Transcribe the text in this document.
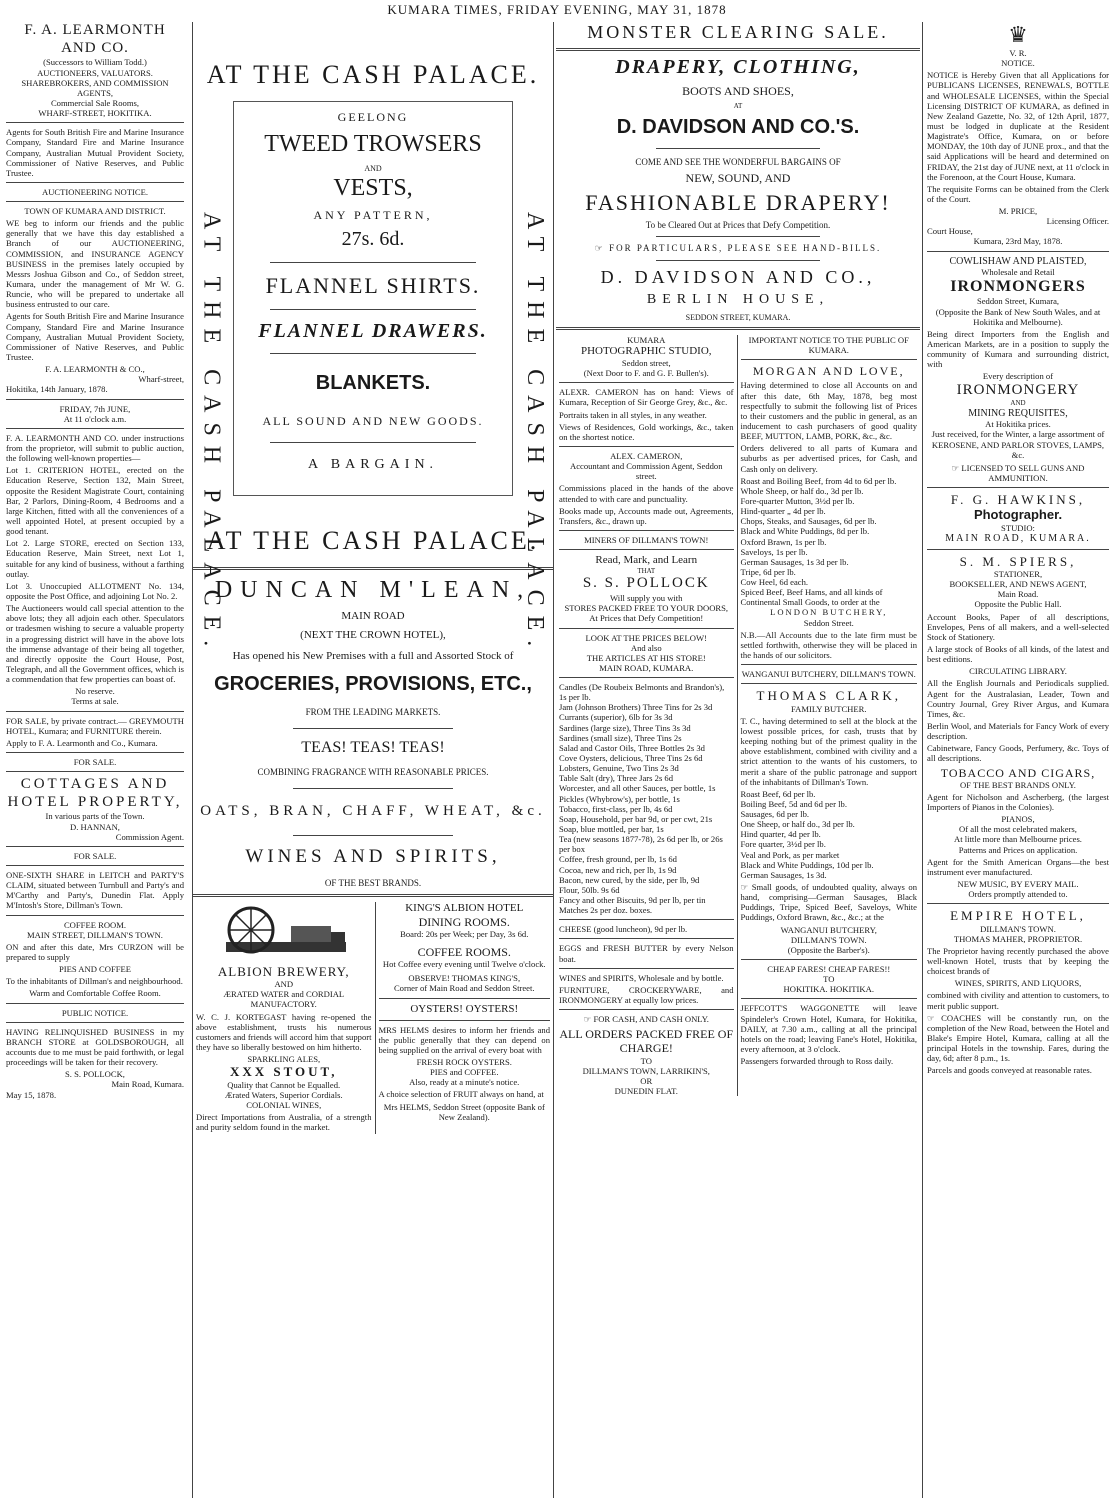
KUMARA TIMES, FRIDAY EVENING, MAY 31, 1878
F. A. LEARMONTH AND CO.
(Successors to William Todd.)
AUCTIONEERS, VALUATORS. SHAREBROKERS, AND COMMISSION AGENTS,
Commercial Sale Rooms,
WHARF-STREET, HOKITIKA.

Agents for South British Fire and Marine Insurance Company, Standard Fire and Marine Insurance Company, Australian Mutual Provident Society, Commissioner of Native Reserves, and Public Trustee.

AUCTIONEERING NOTICE.
TOWN OF KUMARA AND DISTRICT.

WE beg to inform our friends and the public generally that we have this day established a Branch of our AUCTIONEERING, COMMISSION, and INSURANCE AGENCY BUSINESS in the premises lately occupied by Messrs Joshua Gibson and Co., of Seddon street, Kumara, under the management of Mr W. G. Runcie, who will be prepared to undertake all business entrusted to our care.

Agents for South British Fire and Marine Insurance Company, Standard Fire and Marine Insurance Company, Australian Mutual Provident Society, Commissioner of Native Reserves, and Public Trustee.

F. A. LEARMONTH & CO.,
Wharf-street,
Hokitika, 14th January, 1878.
FRIDAY, 7th JUNE,
At 11 o'clock a.m.

F. A. LEARMONTH AND CO. under instructions from the proprietor, will submit to public auction, the following well-known properties—

Lot 1. CRITERION HOTEL, erected on the Education Reserve, Section 132, Main Street, opposite the Resident Magistrate Court, containing Bar, 2 Parlors, Dining-Room, 4 Bedrooms and a large Kitchen, fitted with all the conveniences of a well appointed Hotel, at present occupied by a good tenant.

Lot 2. Large STORE, erected on Section 133, Education Reserve, Main Street, next Lot 1, suitable for any kind of business, without a farthing outlay.

Lot 3. Unoccupied ALLOTMENT No. 134, opposite the Post Office, and adjoining Lot No. 2.

The Auctioneers would call special attention to the above lots; they all adjoin each other. Speculators or tradesmen wishing to secure a valuable property in a progressing district will have in the above lots the immense advantage of their being all together, and directly opposite the Court House, Post, Telegraph, and all the Government offices, which is a commendation that few properties can boast of.

No reserve.
Terms at sale.

FOR SALE, by private contract.— GREYMOUTH HOTEL, Kumara; and FURNITURE therein.

Apply to F. A. Learmonth and Co., Kumara.

FOR SALE.
COTTAGES AND HOTEL PROPERTY,
In various parts of the Town.
D. HANNAN,
Commission Agent.
FOR SALE.

ONE-SIXTH SHARE in LEITCH and PARTY'S CLAIM, situated between Turnbull and Party's and M'Carthy and Party's, Dunedin Flat. Apply M'Intosh's Store, Dillman's Town.

COFFEE ROOM.
MAIN STREET, DILLMAN'S TOWN.

ON and after this date, Mrs CURZON will be prepared to supply

PIES AND COFFEE

To the inhabitants of Dillman's and neighbourhood.

Warm and Comfortable Coffee Room.
PUBLIC NOTICE.

HAVING RELINQUISHED BUSINESS in my BRANCH STORE at GOLDSBOROUGH, all accounts due to me must be paid forthwith, or legal proceedings will be taken for their recovery.

S. S. POLLOCK,
Main Road, Kumara.
May 15, 1878.
AT THE CASH PALACE.
AT THE CASH PALACE.	AT THE CASH PALACE.
GEELONG
TWEED TROWSERS
AND
VESTS,
ANY PATTERN,
27s. 6d.
FLANNEL SHIRTS.
FLANNEL DRAWERS.
BLANKETS.
ALL SOUND AND NEW GOODS.
A BARGAIN.
AT THE CASH PALACE.
DUNCAN M'LEAN,
MAIN ROAD
(NEXT THE CROWN HOTEL),
Has opened his New Premises with a full and Assorted Stock of
GROCERIES, PROVISIONS, ETC.,
FROM THE LEADING MARKETS.
TEAS! TEAS! TEAS!
COMBINING FRAGRANCE WITH REASONABLE PRICES.
OATS, BRAN, CHAFF, WHEAT, &c.
WINES AND SPIRITS,
OF THE BEST BRANDS.
ALBION BREWERY,
AND
ÆRATED WATER and CORDIAL MANUFACTORY.

W. C. J. KORTEGAST having re-opened the above establishment, trusts his numerous customers and friends will accord him that support they have so liberally bestowed on him hitherto.

SPARKLING ALES,
XXX STOUT,
Quality that Cannot be Equalled.
Ærated Waters, Superior Cordials.
COLONIAL WINES,

Direct Importations from Australia, of a strength and purity seldom found in the market.

KING'S ALBION HOTEL
DINING ROOMS.
Board: 20s per Week; per Day, 3s 6d.
COFFEE ROOMS.
Hot Coffee every evening until Twelve o'clock.
OBSERVE! THOMAS KING'S,
Corner of Main Road and Seddon Street.
OYSTERS! OYSTERS!

MRS HELMS desires to inform her friends and the public generally that they can depend on being supplied on the arrival of every boat with

FRESH ROCK OYSTERS.
PIES and COFFEE.
Also, ready at a minute's notice.

A choice selection of FRUIT always on hand, at

Mrs HELMS, Seddon Street (opposite Bank of New Zealand).
MONSTER CLEARING SALE.
DRAPERY, CLOTHING,
BOOTS AND SHOES,
AT
D. DAVIDSON AND CO.'S.
COME AND SEE THE WONDERFUL BARGAINS OF
NEW, SOUND, AND
FASHIONABLE DRAPERY!
To be Cleared Out at Prices that Defy Competition.
☞ FOR PARTICULARS, PLEASE SEE HAND-BILLS.
D. DAVIDSON AND CO.,
BERLIN HOUSE,
SEDDON STREET, KUMARA.
KUMARA
PHOTOGRAPHIC STUDIO,
Seddon street,
(Next Door to F. and G. F. Bullen's).

ALEXR. CAMERON has on hand: Views of Kumara, Reception of Sir George Grey, &c., &c.

Portraits taken in all styles, in any weather.

Views of Residences, Gold workings, &c., taken on the shortest notice.

ALEX. CAMERON,
Accountant and Commission Agent, Seddon street.

Commissions placed in the hands of the above attended to with care and punctuality.

Books made up, Accounts made out, Agreements, Transfers, &c., drawn up.

MINERS OF DILLMAN'S TOWN!
Read, Mark, and Learn
THAT
S. S. POLLOCK
Will supply you with
STORES PACKED FREE TO YOUR DOORS,
At Prices that Defy Competition!
LOOK AT THE PRICES BELOW!
And also
THE ARTICLES AT HIS STORE!
MAIN ROAD, KUMARA.
Candles (De Roubeix Belmonts and Brandon's), 1s per lb.
Jam (Johnson Brothers) Three Tins for 2s 3d
Currants (superior), 6lb for 3s 3d
Sardines (large size), Three Tins 3s 3d
Sardines (small size), Three Tins 2s
Salad and Castor Oils, Three Bottles 2s 3d
Cove Oysters, delicious, Three Tins 2s 6d
Lobsters, Genuine, Two Tins 2s 3d
Table Salt (dry), Three Jars 2s 6d
Worcester, and all other Sauces, per bottle, 1s
Pickles (Whybrow's), per bottle, 1s
Tobacco, first-class, per lb, 4s 6d
Soap, Household, per bar 9d, or per cwt, 21s
Soap, blue mottled, per bar, 1s
Tea (new seasons 1877-78), 2s 6d per lb, or 26s per box
Coffee, fresh ground, per lb, 1s 6d
Cocoa, new and rich, per lb, 1s 9d
Bacon, new cured, by the side, per lb, 9d
Flour, 50lb. 9s 6d
Fancy and other Biscuits, 9d per lb, per tin
Matches 2s per doz. boxes.

CHEESE (good luncheon), 9d per lb.

EGGS and FRESH BUTTER by every Nelson boat.

WINES and SPIRITS, Wholesale and by bottle.

FURNITURE, CROCKERYWARE, and IRONMONGERY at equally low prices.

☞ FOR CASH, AND CASH ONLY.
ALL ORDERS PACKED FREE OF CHARGE!
TO
DILLMAN'S TOWN, LARRIKIN'S,
OR
DUNEDIN FLAT.
IMPORTANT NOTICE TO THE PUBLIC OF KUMARA.
MORGAN AND LOVE,

Having determined to close all Accounts on and after this date, 6th May, 1878, beg most respectfully to submit the following list of Prices to their customers and the public in general, as an inducement to cash purchasers of good quality BEEF, MUTTON, LAMB, PORK, &c., &c.

Orders delivered to all parts of Kumara and suburbs as per advertised prices, for Cash, and Cash only on delivery.

Roast and Boiling Beef, from 4d to 6d per lb.
Whole Sheep, or half do., 3d per lb.
Fore-quarter Mutton, 3½d per lb.
Hind-quarter „ 4d per lb.
Chops, Steaks, and Sausages, 6d per lb.
Black and White Puddings, 8d per lb.
Oxford Brawn, 1s per lb.
Saveloys, 1s per lb.
German Sausages, 1s 3d per lb.
Tripe, 6d per lb.
Cow Heel, 6d each.
Spiced Beef, Beef Hams, and all kinds of Continental Small Goods, to order at the
LONDON BUTCHERY,
Seddon Street.

N.B.—All Accounts due to the late firm must be settled forthwith, otherwise they will be placed in the hands of our solicitors.

WANGANUI BUTCHERY, DILLMAN'S TOWN.
THOMAS CLARK,
FAMILY BUTCHER.

T. C., having determined to sell at the block at the lowest possible prices, for cash, trusts that by keeping nothing but of the primest quality in the above establishment, combined with civility and a strict attention to the wants of his customers, to merit a share of the public patronage and support of the inhabitants of Dillman's Town.

Roast Beef, 6d per lb.
Boiling Beef, 5d and 6d per lb.
Sausages, 6d per lb.
One Sheep, or half do., 3d per lb.
Hind quarter, 4d per lb.
Fore quarter, 3½d per lb.
Veal and Pork, as per market
Black and White Puddings, 10d per lb.
German Sausages, 1s 3d.

☞ Small goods, of undoubted quality, always on hand, comprising—German Sausages, Black Puddings, Tripe, Spiced Beef, Saveloys, White Puddings, Oxford Brawn, &c., &c.; at the

WANGANUI BUTCHERY,
DILLMAN'S TOWN.
(Opposite the Barber's).
CHEAP FARES! CHEAP FARES!!
TO
HOKITIKA. HOKITIKA.

JEFFCOTT'S WAGGONETTE will leave Spindeler's Crown Hotel, Kumara, for Hokitika, DAILY, at 7.30 a.m., calling at all the principal hotels on the road; leaving Fane's Hotel, Hokitika, every afternoon, at 3 o'clock.

Passengers forwarded through to Ross daily.

♛
V. R.
NOTICE.

NOTICE is Hereby Given that all Applications for PUBLICANS LICENSES, RENEWALS, BOTTLE and WHOLESALE LICENSES, within the Special Licensing DISTRICT OF KUMARA, as defined in New Zealand Gazette, No. 32, of 12th April, 1877, must be lodged in duplicate at the Resident Magistrate's Office, Kumara, on or before MONDAY, the 10th day of JUNE prox., and that the said Applications will be heard and determined on FRIDAY, the 21st day of JUNE next, at 11 o'clock in the Forenoon, at the Court House, Kumara.

The requisite Forms can be obtained from the Clerk of the Court.

M. PRICE,
Licensing Officer.
Court House,
Kumara, 23rd May, 1878.
COWLISHAW AND PLAISTED,
Wholesale and Retail
IRONMONGERS
Seddon Street, Kumara,
(Opposite the Bank of New South Wales, and at Hokitika and Melbourne).

Being direct Importers from the English and American Markets, are in a position to supply the community of Kumara and surrounding district, with

Every description of
IRONMONGERY
AND
MINING REQUISITES,
At Hokitika prices.
Just received, for the Winter, a large assortment of
KEROSENE, AND PARLOR STOVES, LAMPS, &c.
☞ LICENSED TO SELL GUNS AND AMMUNITION.
F. G. HAWKINS,
Photographer.
STUDIO:
MAIN ROAD, KUMARA.
S. M. SPIERS,
STATIONER,
BOOKSELLER, AND NEWS AGENT,
Main Road.
Opposite the Public Hall.

Account Books, Paper of all descriptions, Envelopes, Pens of all makers, and a well-selected Stock of Stationery.

A large stock of Books of all kinds, of the latest and best editions.

CIRCULATING LIBRARY.

All the English Journals and Periodicals supplied. Agent for the Australasian, Leader, Town and Country Journal, Grey River Argus, and Kumara Times, &c.

Berlin Wool, and Materials for Fancy Work of every description.

Cabinetware, Fancy Goods, Perfumery, &c. Toys of all descriptions.

TOBACCO AND CIGARS,
OF THE BEST BRANDS ONLY.

Agent for Nicholson and Ascherberg, (the largest Importers of Pianos in the Colonies).

PIANOS,
Of all the most celebrated makers,
At little more than Melbourne prices.
Patterns and Prices on application.

Agent for the Smith American Organs—the best instrument ever manufactured.

NEW MUSIC, BY EVERY MAIL.
Orders promptly attended to.
EMPIRE HOTEL,
DILLMAN'S TOWN.
THOMAS MAHER, PROPRIETOR.

The Proprietor having recently purchased the above well-known Hotel, trusts that by keeping the choicest brands of

WINES, SPIRITS, AND LIQUORS,

combined with civility and attention to customers, to merit public support.

☞ COACHES will be constantly run, on the completion of the New Road, between the Hotel and Blake's Empire Hotel, Kumara, calling at all the principal Hotels in the township. Fares, during the day, 6d; after 8 p.m., 1s.

Parcels and goods conveyed at reasonable rates.
